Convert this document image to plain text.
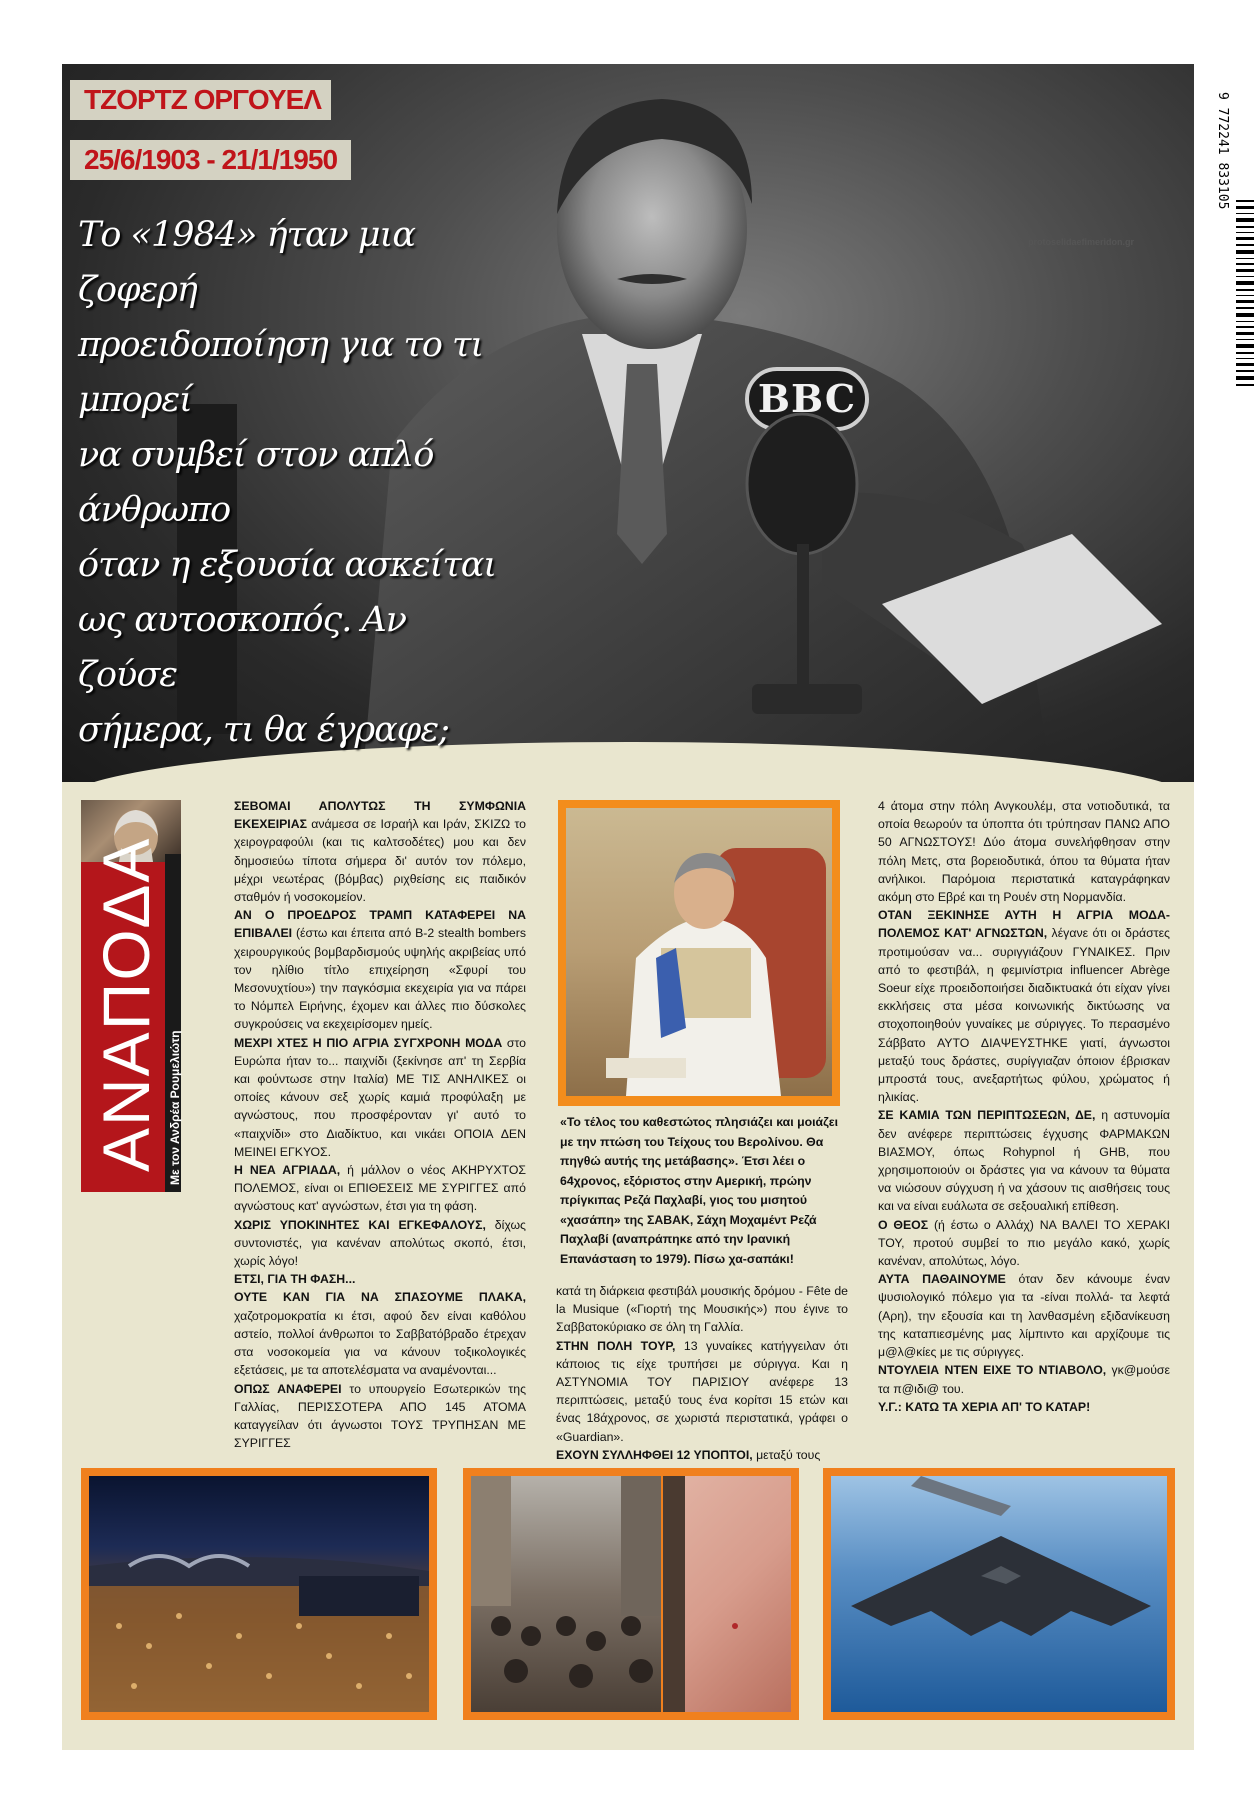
BBC
ΤΖΟΡΤΖ ΟΡΓΟΥΕΛ
25/6/1903 - 21/1/1950
Το «1984» ήταν μια ζοφερή
προειδοποίηση για το τι μπορεί
να συμβεί στον απλό άνθρωπο
όταν η εξουσία ασκείται
ως αυτοσκοπός. Αν ζούσε
σήμερα, τι θα έγραφε;
protoselidaefimeridon.gr
9 772241 833105
ΑΝΑΠΟΔΑ Με τον Ανδρέα Ρουμελιώτη

ΣΕΒΟΜΑΙ ΑΠΟΛΥΤΩΣ ΤΗ ΣΥΜΦΩΝΙΑ ΕΚΕΧΕΙΡΙΑΣ ανάμεσα σε Ισραήλ και Ιράν, ΣΚΙΖΩ το χειρογραφούλι (και τις καλτσοδέτες) μου και δεν δημοσιεύω τίποτα σήμερα δι' αυτόν τον πόλεμο, μέχρι νεωτέρας (βόμβας) ριχθείσης εις παιδικόν σταθμόν ή νοσοκομείον.

ΑΝ Ο ΠΡΟΕΔΡΟΣ ΤΡΑΜΠ ΚΑΤΑΦΕΡΕΙ ΝΑ ΕΠΙΒΑΛΕΙ (έστω και έπειτα από B-2 stealth bombers χειρουργικούς βομβαρδισμούς υψηλής ακριβείας υπό τον ηλίθιο τίτλο επιχείρηση «Σφυρί του Μεσονυχτίου») την παγκόσμια εκεχειρία για να πάρει το Νόμπελ Ειρήνης, έχομεν και άλλες πιο δύσκολες συγκρούσεις να εκεχειρίσομεν ημείς.

ΜΕΧΡΙ ΧΤΕΣ Η ΠΙΟ ΑΓΡΙΑ ΣΥΓΧΡΟΝΗ ΜΟΔΑ στο Ευρώπα ήταν το... παιχνίδι (ξεκίνησε απ' τη Σερβία και φούντωσε στην Ιταλία) ΜΕ ΤΙΣ ΑΝΗΛΙΚΕΣ οι οποίες κάνουν σεξ χωρίς καμιά προφύλαξη με αγνώστους, που προσφέρονταν γι' αυτό το «παιχνίδι» στο Διαδίκτυο, και νικάει ΟΠΟΙΑ ΔΕΝ ΜΕΙΝΕΙ ΕΓΚΥΟΣ.

Η ΝΕΑ ΑΓΡΙΑΔΑ, ή μάλλον ο νέος ΑΚΗΡΥΧΤΟΣ ΠΟΛΕΜΟΣ, είναι οι ΕΠΙΘΕΣΕΙΣ ΜΕ ΣΥΡΙΓΓΕΣ από αγνώστους κατ' αγνώστων, έτσι για τη φάση.

ΧΩΡΙΣ ΥΠΟΚΙΝΗΤΕΣ ΚΑΙ ΕΓΚΕΦΑΛΟΥΣ, δίχως συντονιστές, για κανέναν απολύτως σκοπό, έτσι, χωρίς λόγο!

ΕΤΣΙ, ΓΙΑ ΤΗ ΦΑΣΗ...

ΟΥΤΕ ΚΑΝ ΓΙΑ ΝΑ ΣΠΑΣΟΥΜΕ ΠΛΑΚΑ, χαζοτρομοκρατία κι έτσι, αφού δεν είναι καθόλου αστείο, πολλοί άνθρωποι το Σαββατόβραδο έτρεχαν στα νοσοκομεία για να κάνουν τοξικολογικές εξετάσεις, με τα αποτελέσματα να αναμένονται...

ΟΠΩΣ ΑΝΑΦΕΡΕΙ το υπουργείο Εσωτερικών της Γαλλίας, ΠΕΡΙΣΣΟΤΕΡΑ ΑΠΟ 145 ΑΤΟΜΑ καταγγείλαν ότι άγνωστοι ΤΟΥΣ ΤΡΥΠΗΣΑΝ ΜΕ ΣΥΡΙΓΓΕΣ

«Το τέλος του καθεστώτος πλησιάζει και μοιάζει με την πτώση του Τείχους του Βερολίνου. Θα πηγθώ αυτής της μετάβασης». Έτσι λέει ο 64χρονος, εξόριστος στην Αμερική, πρώην πρίγκιπας Ρεζά Παχλαβί, γιος του μισητού «χασάπη» της ΣΑΒΑΚ, Σάχη Μοχαμέντ Ρεζά Παχλαβί (αναπράπηκε από την Ιρανική Επανάσταση το 1979). Πίσω χα-σαπάκι!

κατά τη διάρκεια φεστιβάλ μουσικής δρόμου - Fête de la Musique («Γιορτή της Μουσικής») που έγινε το Σαββατοκύριακο σε όλη τη Γαλλία.

ΣΤΗΝ ΠΟΛΗ ΤΟΥΡ, 13 γυναίκες κατήγγειλαν ότι κάποιος τις είχε τρυπήσει με σύριγγα. Και η ΑΣΤΥΝΟΜΙΑ ΤΟΥ ΠΑΡΙΣΙΟΥ ανέφερε 13 περιπτώσεις, μεταξύ τους ένα κορίτσι 15 ετών και ένας 18άχρονος, σε χωριστά περιστατικά, γράφει ο «Guardian».

ΕΧΟΥΝ ΣΥΛΛΗΦΘΕΙ 12 ΥΠΟΠΤΟΙ, μεταξύ τους

4 άτομα στην πόλη Ανγκουλέμ, στα νοτιοδυτικά, τα οποία θεωρούν τα ύποπτα ότι τρύπησαν ΠΑΝΩ ΑΠΟ 50 ΑΓΝΩΣΤΟΥΣ! Δύο άτομα συνελήφθησαν στην πόλη Μετς, στα βορειοδυτικά, όπου τα θύματα ήταν ανήλικοι. Παρόμοια περιστατικά καταγράφηκαν ακόμη στο Εβρέ και τη Ρουέν στη Νορμανδία.

ΟΤΑΝ ΞΕΚΙΝΗΣΕ ΑΥΤΗ Η ΑΓΡΙΑ ΜΟΔΑ-ΠΟΛΕΜΟΣ ΚΑΤ' ΑΓΝΩΣΤΩΝ, λέγανε ότι οι δράστες προτιμούσαν να... συριγγιάζουν ΓΥΝΑΙΚΕΣ. Πριν από το φεστιβάλ, η φεμινίστρια influencer Abrège Soeur είχε προειδοποιήσει διαδικτυακά ότι είχαν γίνει εκκλήσεις στα μέσα κοινωνικής δικτύωσης να στοχοποιηθούν γυναίκες με σύριγγες. Το περασμένο Σάββατο ΑΥΤΟ ΔΙΑΨΕΥΣΤΗΚΕ γιατί, άγνωστοι μεταξύ τους δράστες, συρίγγιαζαν όποιον έβρισκαν μπροστά τους, ανεξαρτήτως φύλου, χρώματος ή ηλικίας.

ΣΕ ΚΑΜΙΑ ΤΩΝ ΠΕΡΙΠΤΩΣΕΩΝ, ΔΕ, η αστυνομία δεν ανέφερε περιπτώσεις έγχυσης ΦΑΡΜΑΚΩΝ ΒΙΑΣΜΟΥ, όπως Rohypnol ή GHB, που χρησιμοποιούν οι δράστες για να κάνουν τα θύματα να νιώσουν σύγχυση ή να χάσουν τις αισθήσεις τους και να είναι ευάλωτα σε σεξουαλική επίθεση.

Ο ΘΕΟΣ (ή έστω ο Αλλάχ) ΝΑ ΒΑΛΕΙ ΤΟ ΧΕΡΑΚΙ ΤΟΥ, προτού συμβεί το πιο μεγάλο κακό, χωρίς κανέναν, απολύτως, λόγο.

ΑΥΤΑ ΠΑΘΑΙΝΟΥΜΕ όταν δεν κάνουμε έναν ψυσιολογικό πόλεμο για τα -είναι πολλά- τα λεφτά (Αρη), την εξουσία και τη λανθασμένη εξιδανίκευση της καταπιεσμένης μας λίμπιντο και αρχίζουμε τις μ@λ@κίες με τις σύριγγες.

ΝΤΟΥΛΕΙΑ ΝΤΕΝ ΕΙΧΕ ΤΟ ΝΤΙΑΒΟΛΟ, γκ@μούσε τα π@ιδι@ του.

Υ.Γ.: ΚΑΤΩ ΤΑ ΧΕΡΙΑ ΑΠ' ΤΟ ΚΑΤΑΡ!
